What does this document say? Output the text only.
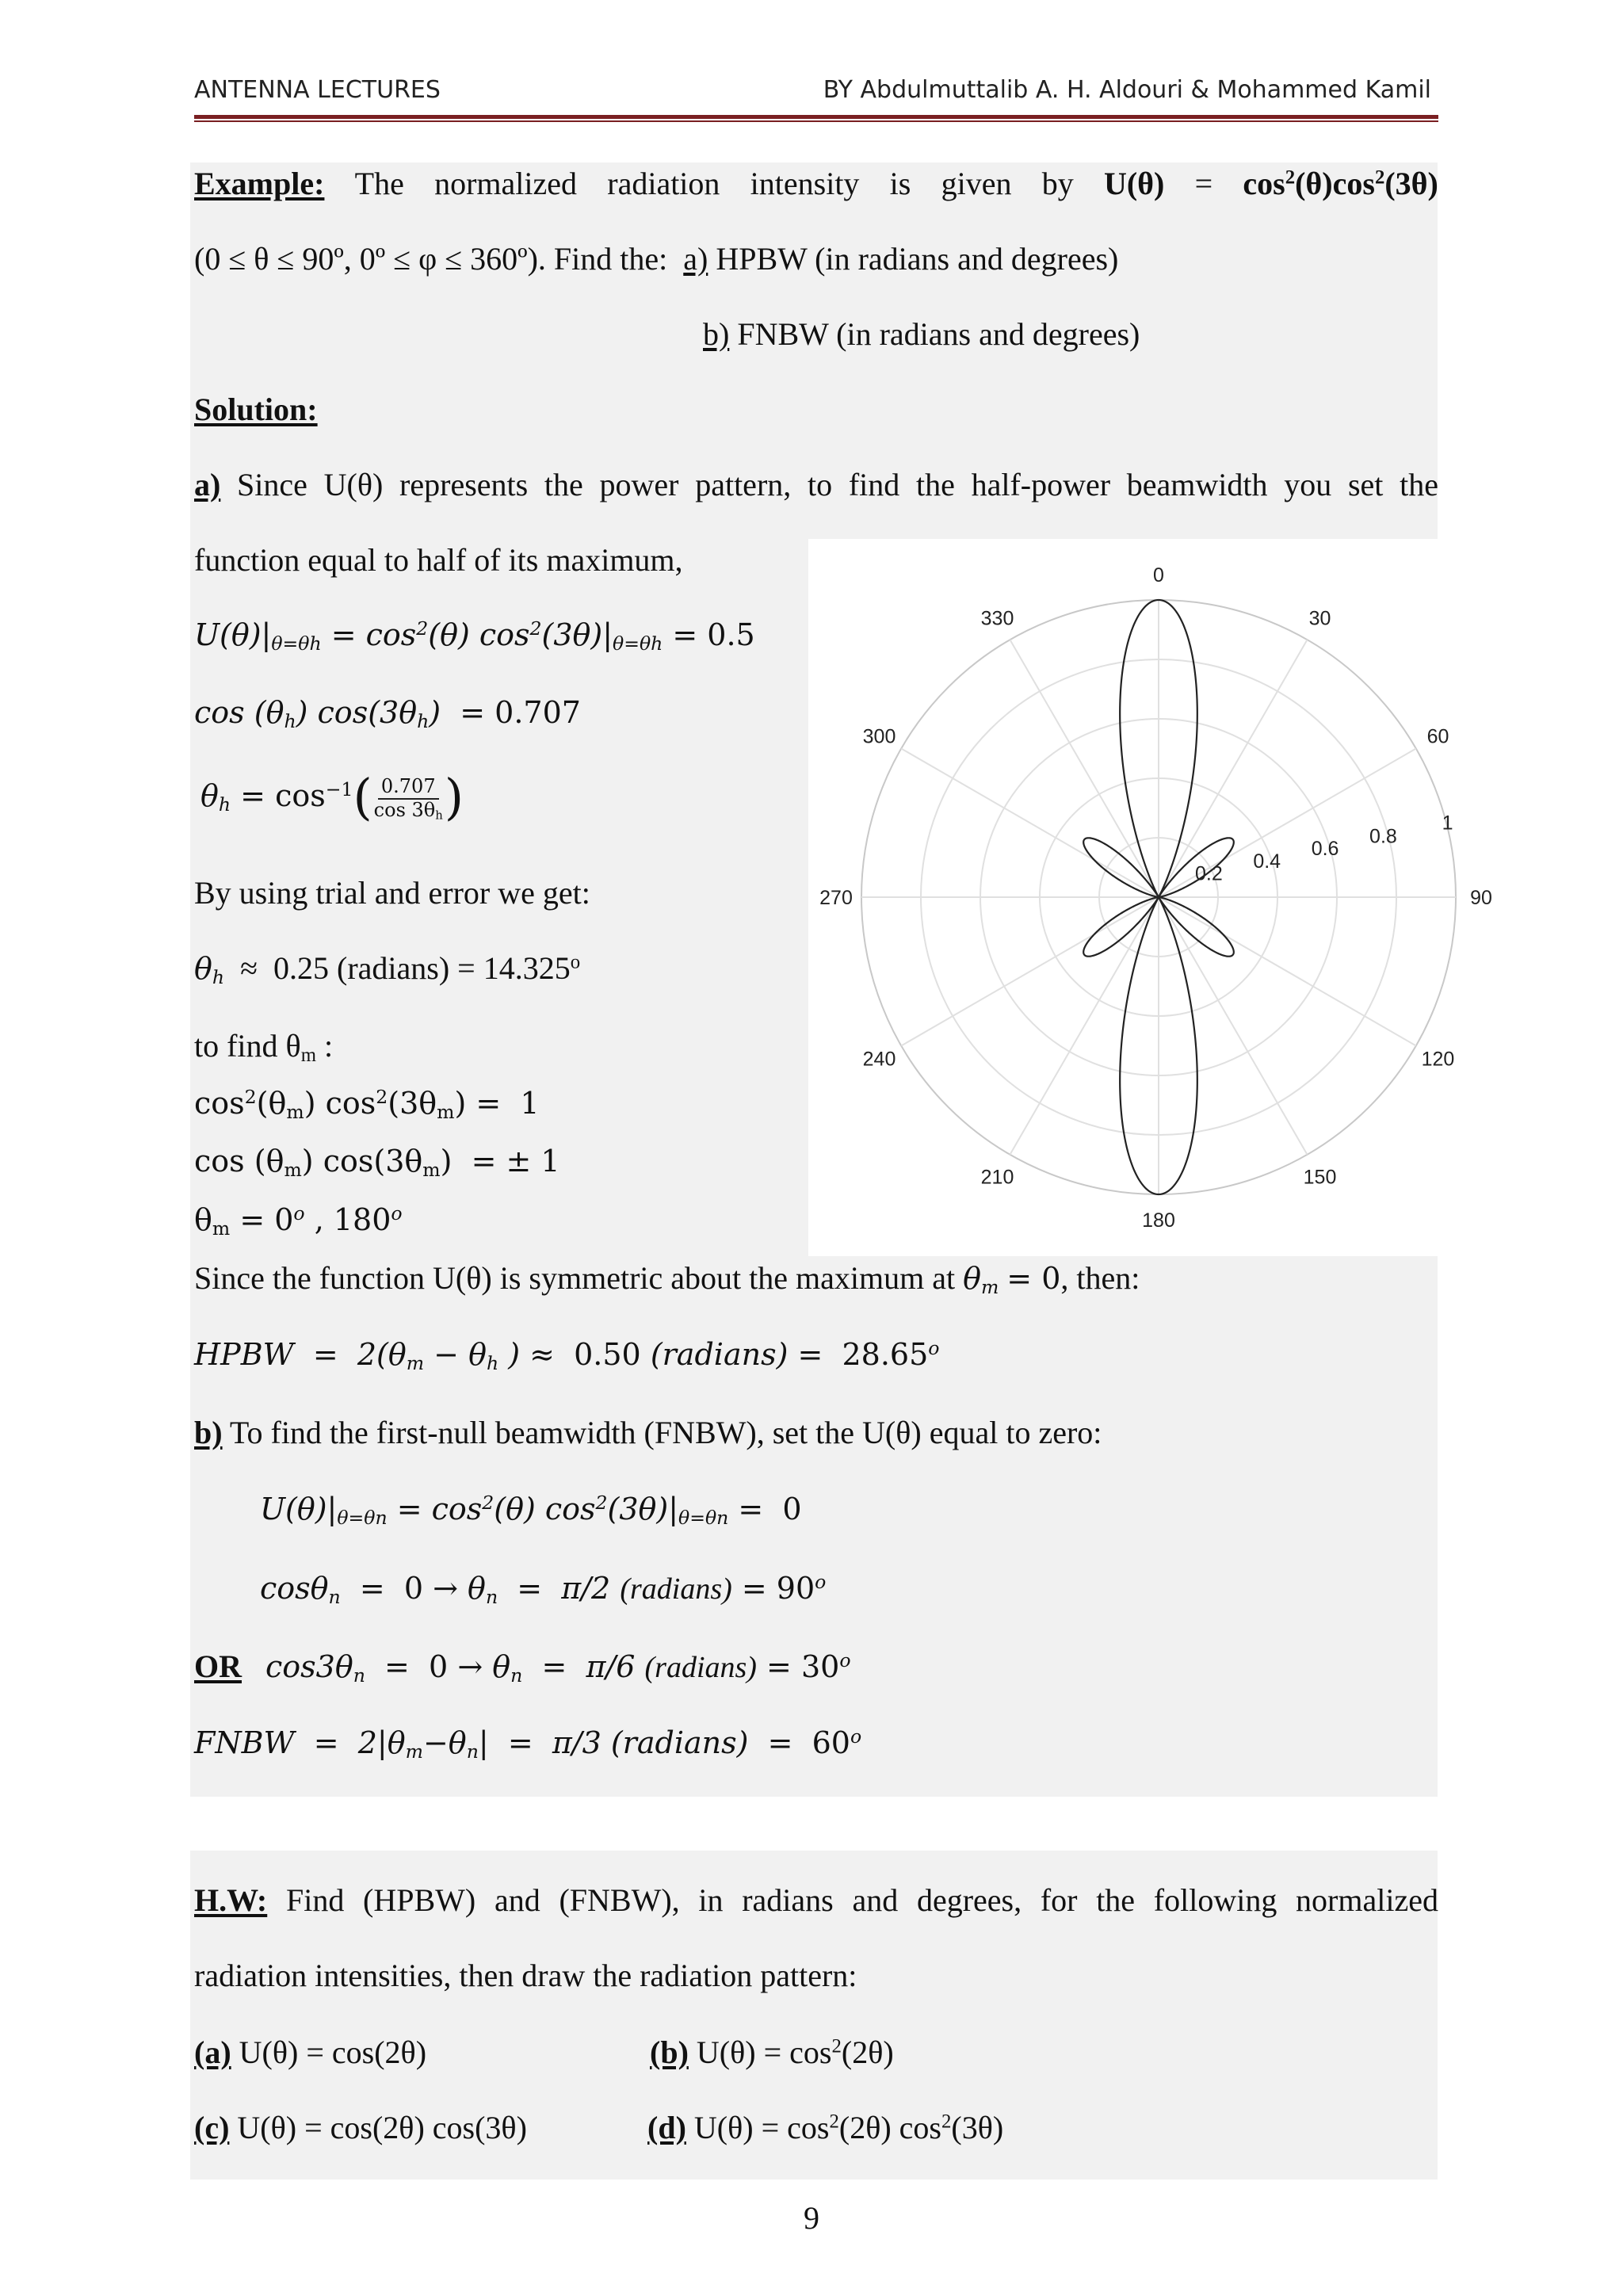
ANTENNA LECTURES	BY Abdulmuttalib A. H. Aldouri & Mohammed Kamil
Example: The normalized radiation intensity is given by $U(\theta) = \cos^2(\theta)\cos^2(3\theta)$
(0 ≤ θ ≤ 90º, 0º ≤ φ ≤ 360º). Find the: a) HPBW (in radians and degrees)
b) FNBW (in radians and degrees)
Solution:
a) Since U(θ) represents the power pattern, to find the half-power beamwidth you set the
function equal to half of its maximum,
$U(\theta)|_{\theta=\theta h} = \cos^2(\theta) \cos^2(3\theta)|_{\theta=\theta h} = 0.5$
$\cos (\theta_h) \cos(3\theta_h) = 0.707$
$\theta_h = \cos^{-1}( \frac{0.707}{\cos 3\theta_h}$ )
By using trial and error we get:
$\theta_h \approx 0.25$ (radians) = $14.325^o$
to find $\theta_m$ :
$\cos^2(\theta_m) \cos^2(3\theta_m) = 1$
$\cos (\theta_m) \cos(3\theta_m)$  = ± 1
$\theta_m = 0^o$ , 180$^o$
Since the function U(θ) is symmetric about the maximum at $\theta_m = 0$, then:
HPBW  =  $2(\theta_m - \theta_h$ ) ≈  0.50 (radians) =  28.65$^o$
b) To find the first-null beamwidth (FNBW), set the U(θ) equal to zero:
$U(\theta)|_{\theta=\theta n} = \cos^2(\theta) \cos^2(3\theta)|_{\theta=\theta n} = 0$
$\cos\theta_n = 0 \to \theta_n = \pi/2$ (radians) = $90^o$
OR $\cos 3\theta_n = 0 \to \theta_n = \pi/6$ (radians) = $30^o$
FNBW  =  $2|\theta_m-\theta_n| = \pi/3$ (radians)  =  60$^o$
H.W: Find (HPBW) and (FNBW), in radians and degrees, for the following normalized
radiation intensities, then draw the radiation pattern:
(a) U(θ) = cos(2θ)	(b) $U(\theta) = \cos^2(2\theta)$
(c) U(θ) = cos(2θ) cos(3θ)	(d) $U(\theta) = \cos^2(2\theta)$ $\cos^2(3\theta)$
0
30
60
90
120
150
180
210
240
270
300
330
0.2
0.4
0.6
0.8
1
9
